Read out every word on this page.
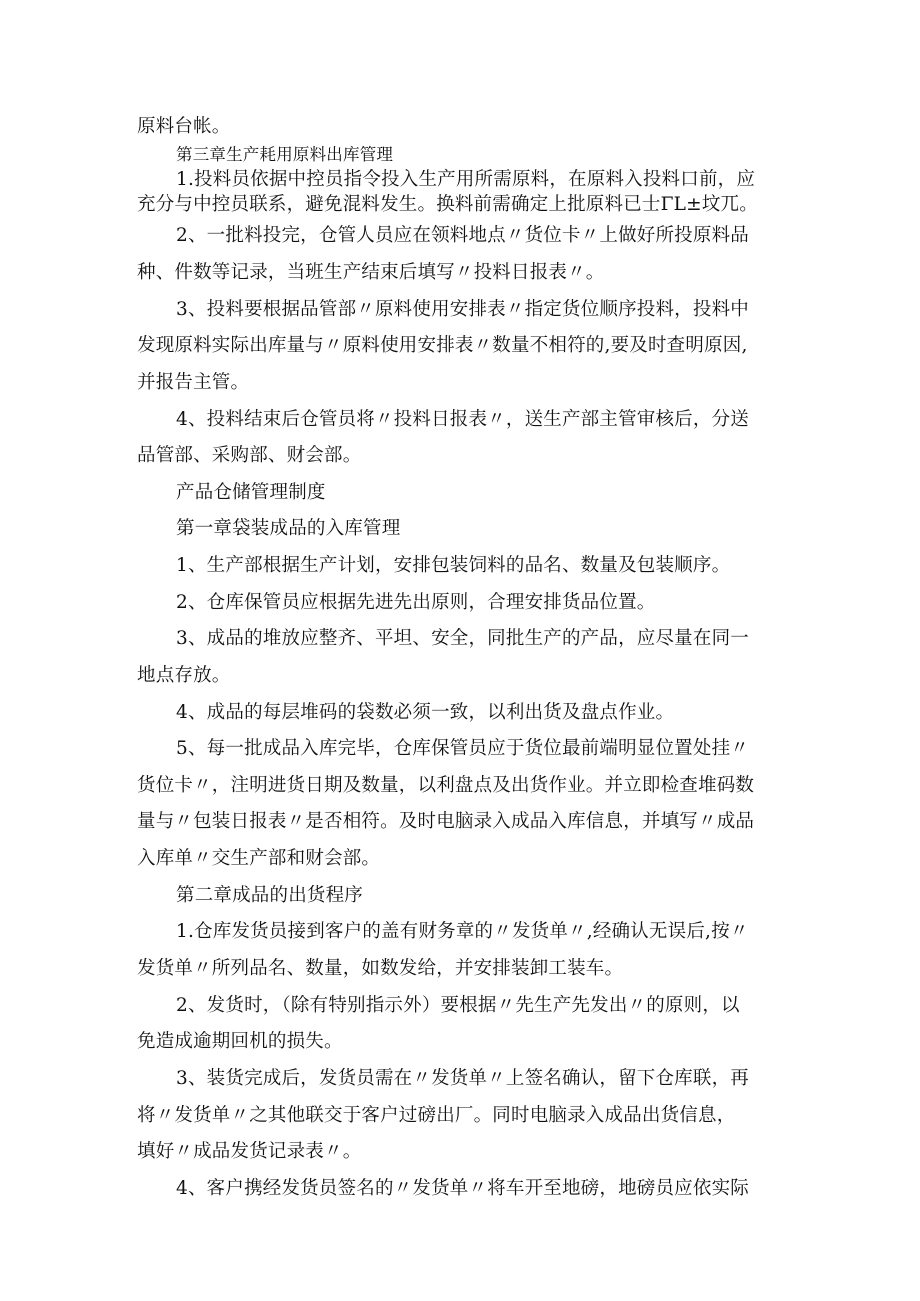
原料台帐。
第三章生产耗用原料出库管理
1.投料员依据中控员指令投入生产用所需原料，在原料入投料口前，应
充分与中控员联系，避免混料发生。换料前需确定上批原料已士ΓL±坟兀。
2、一批料投完，仓管人员应在领料地点〃货位卡〃上做好所投原料品
种、件数等记录，当班生产结束后填写〃投料日报表〃。
3、投料要根据品管部〃原料使用安排表〃指定货位顺序投料，投料中
发现原料实际出库量与〃原料使用安排表〃数量不相符的,要及时查明原因,
并报告主管。
4、投料结束后仓管员将〃投料日报表〃，送生产部主管审核后，分送
品管部、采购部、财会部。
产品仓储管理制度
第一章袋装成品的入库管理
1、生产部根据生产计划，安排包装饲料的品名、数量及包装顺序。
2、仓库保管员应根据先进先出原则，合理安排货品位置。
3、成品的堆放应整齐、平坦、安全，同批生产的产品，应尽量在同一
地点存放。
4、成品的每层堆码的袋数必须一致，以利出货及盘点作业。
5、每一批成品入库完毕，仓库保管员应于货位最前端明显位置处挂〃
货位卡〃，注明进货日期及数量，以利盘点及出货作业。并立即检查堆码数
量与〃包装日报表〃是否相符。及时电脑录入成品入库信息，并填写〃成品
入库单〃交生产部和财会部。
第二章成品的出货程序
1.仓库发货员接到客户的盖有财务章的〃发货单〃,经确认无误后,按〃
发货单〃所列品名、数量，如数发给，并安排装卸工装车。
2、发货时，（除有特别指示外）要根据〃先生产先发出〃的原则，以
免造成逾期回机的损失。
3、装货完成后，发货员需在〃发货单〃上签名确认，留下仓库联，再
将〃发货单〃之其他联交于客户过磅出厂。同时电脑录入成品出货信息，
填好〃成品发货记录表〃。
4、客户携经发货员签名的〃发货单〃将车开至地磅，地磅员应依实际
